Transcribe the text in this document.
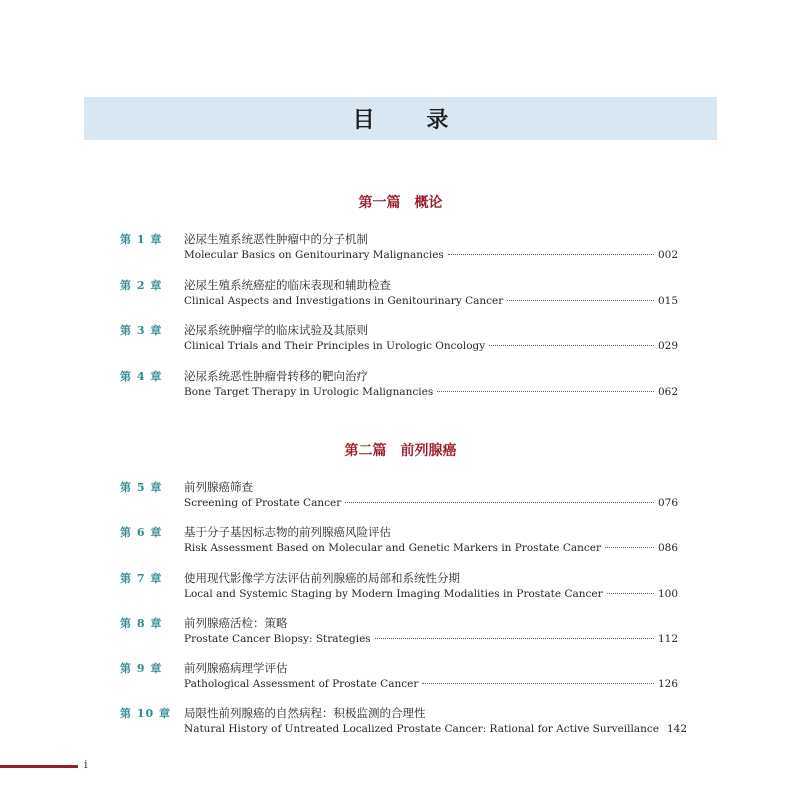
目 录
第一篇 概论
第 1 章 泌尿生殖系统恶性肿瘤中的分子机制
Molecular Basics on Genitourinary Malignancies	002
第 2 章 泌尿生殖系统癌症的临床表现和辅助检查
Clinical Aspects and Investigations in Genitourinary Cancer	015
第 3 章 泌尿系统肿瘤学的临床试验及其原则
Clinical Trials and Their Principles in Urologic Oncology	029
第 4 章 泌尿系统恶性肿瘤骨转移的靶向治疗
Bone Target Therapy in Urologic Malignancies	062
第二篇 前列腺癌
第 5 章 前列腺癌筛查
Screening of Prostate Cancer	076
第 6 章 基于分子基因标志物的前列腺癌风险评估
Risk Assessment Based on Molecular and Genetic Markers in Prostate Cancer	086
第 7 章 使用现代影像学方法评估前列腺癌的局部和系统性分期
Local and Systemic Staging by Modern Imaging Modalities in Prostate Cancer	100
第 8 章 前列腺癌活检：策略
Prostate Cancer Biopsy: Strategies	112
第 9 章 前列腺癌病理学评估
Pathological Assessment of Prostate Cancer	126
第 10 章 局限性前列腺癌的自然病程：积极监测的合理性
Natural History of Untreated Localized Prostate Cancer: Rational for Active Surveillance 142
i
